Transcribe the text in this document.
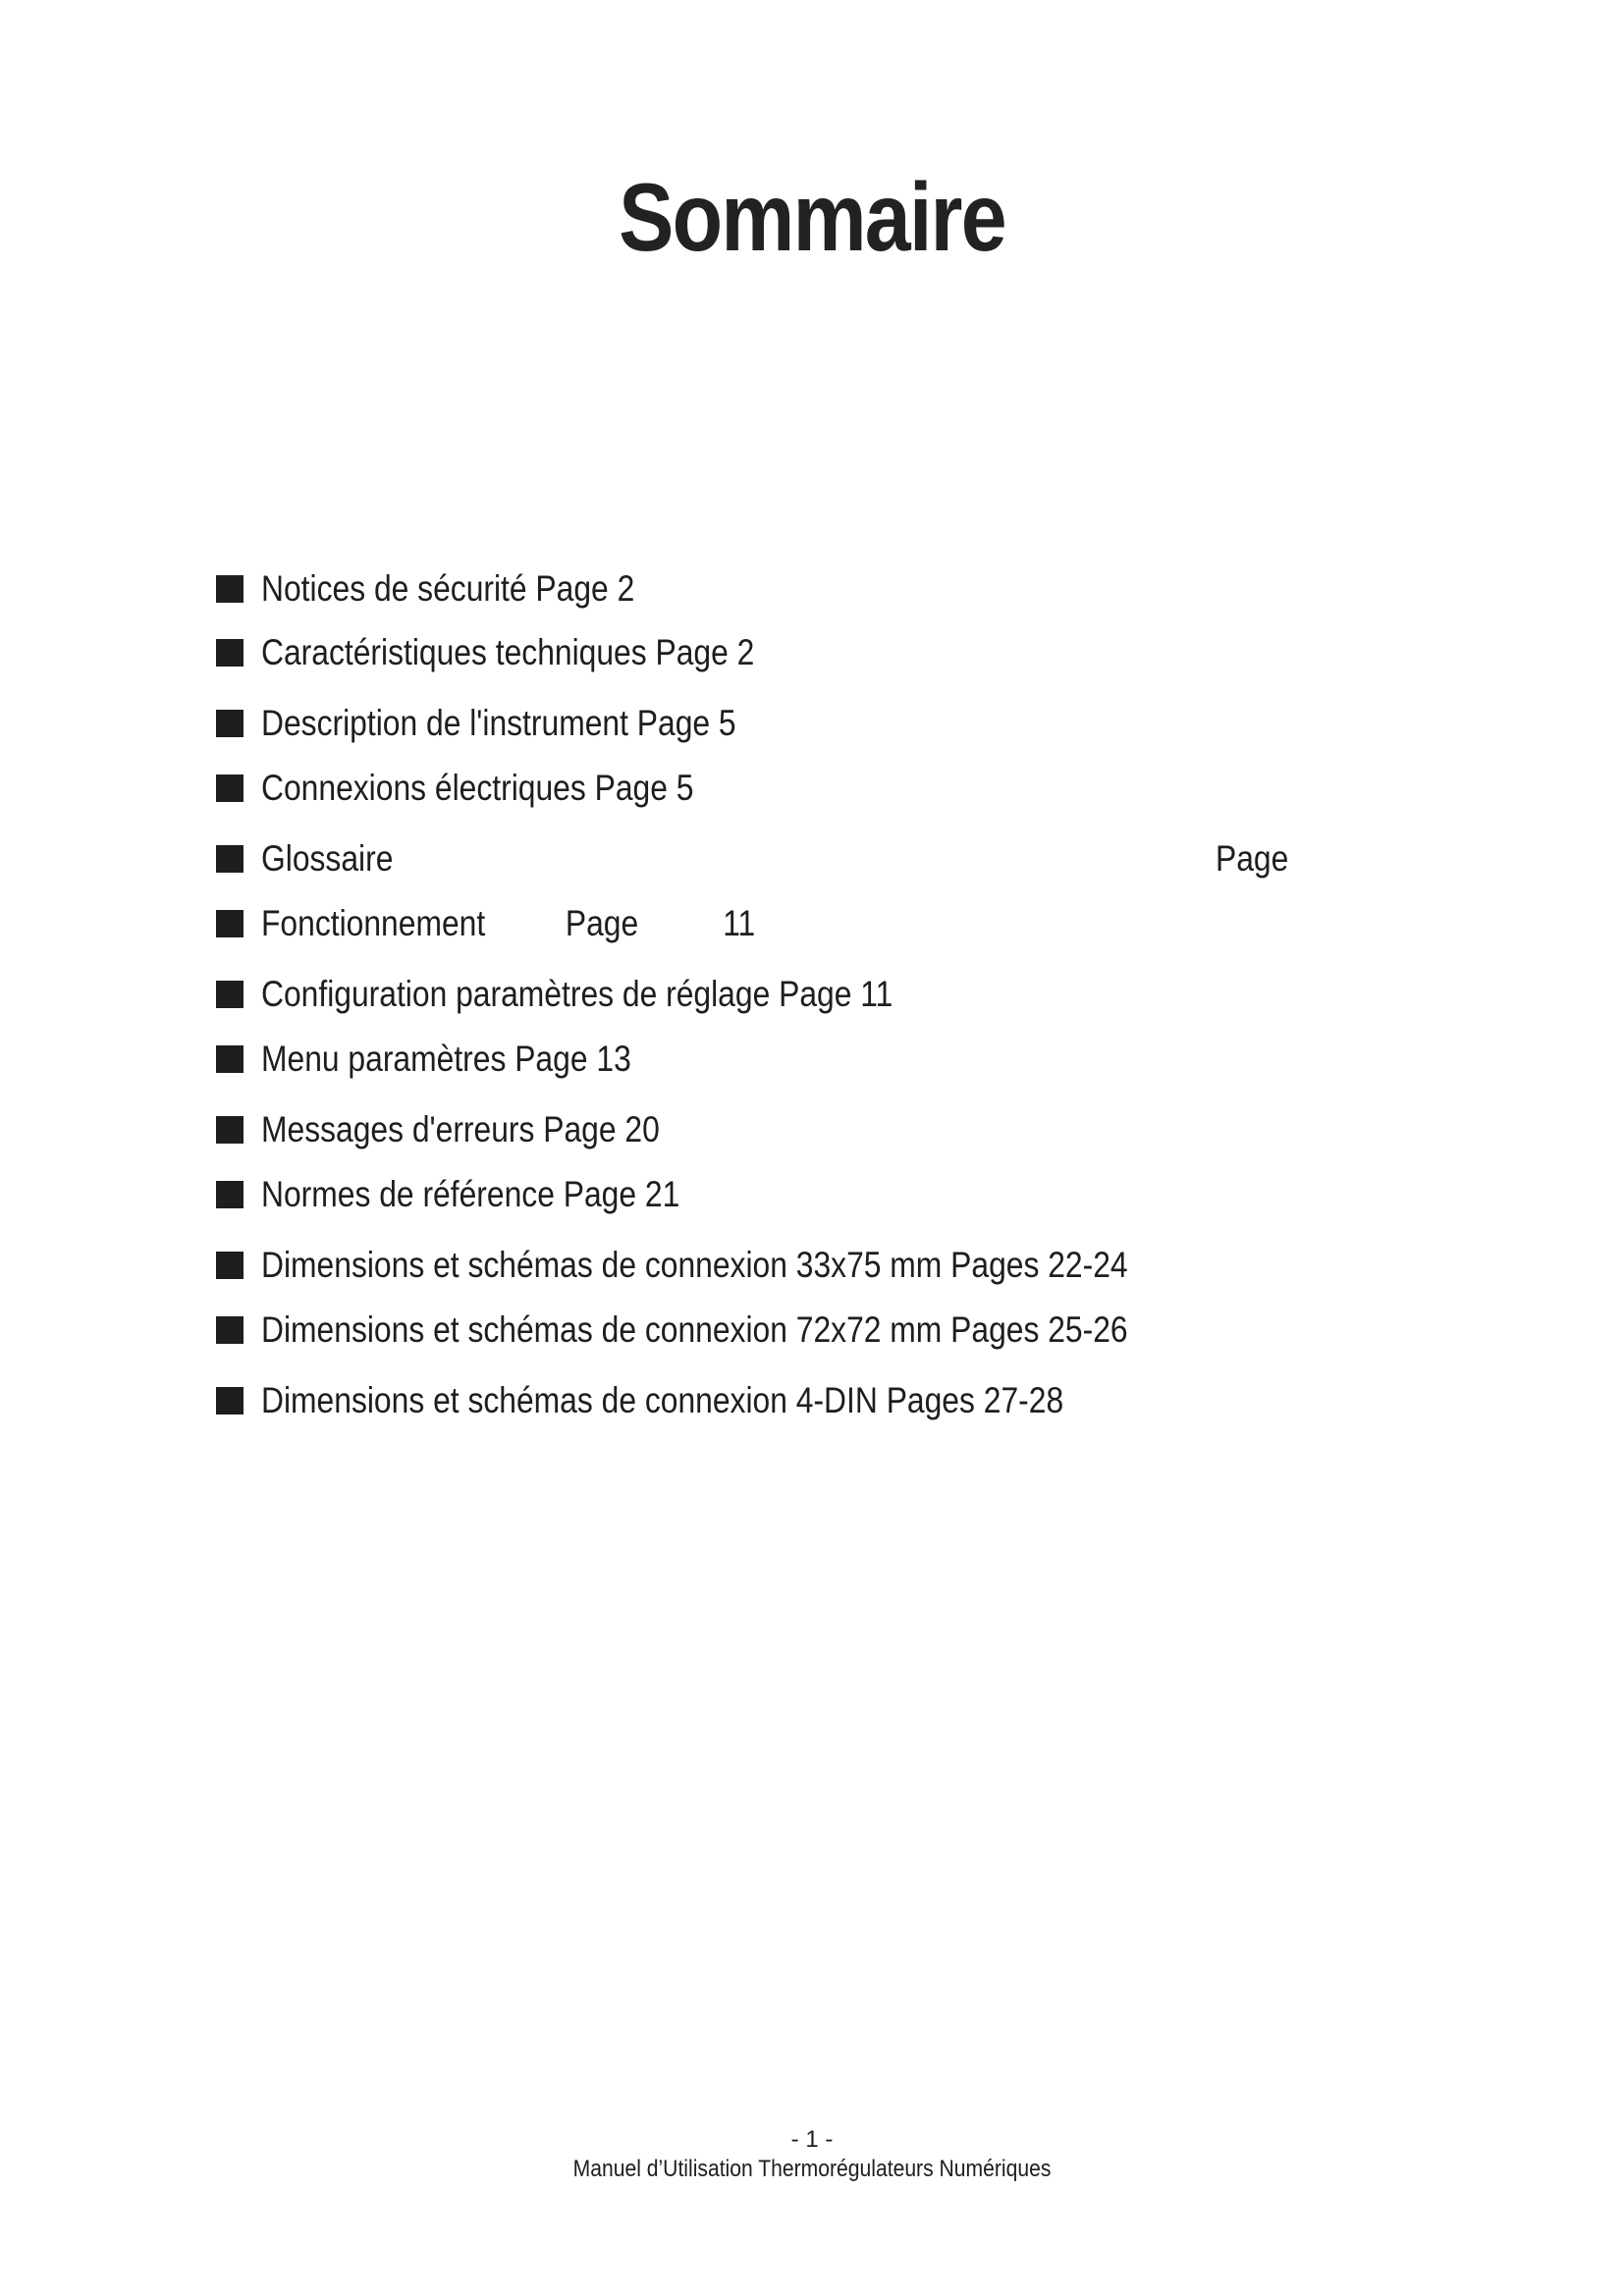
Sommaire
Notices de sécurité Page 2
Caractéristiques techniques Page 2
Description de l'instrument Page 5
Connexions électriques Page 5
Glossaire	Page
Fonctionnement Page 11
Configuration paramètres de réglage Page 11
Menu paramètres Page 13
Messages d'erreurs Page 20
Normes de référence Page 21
Dimensions et schémas de connexion 33x75 mm Pages 22-24
Dimensions et schémas de connexion 72x72 mm Pages 25-26
Dimensions et schémas de connexion 4-DIN Pages 27-28
- 1 -
Manuel d’Utilisation Thermorégulateurs Numériques
